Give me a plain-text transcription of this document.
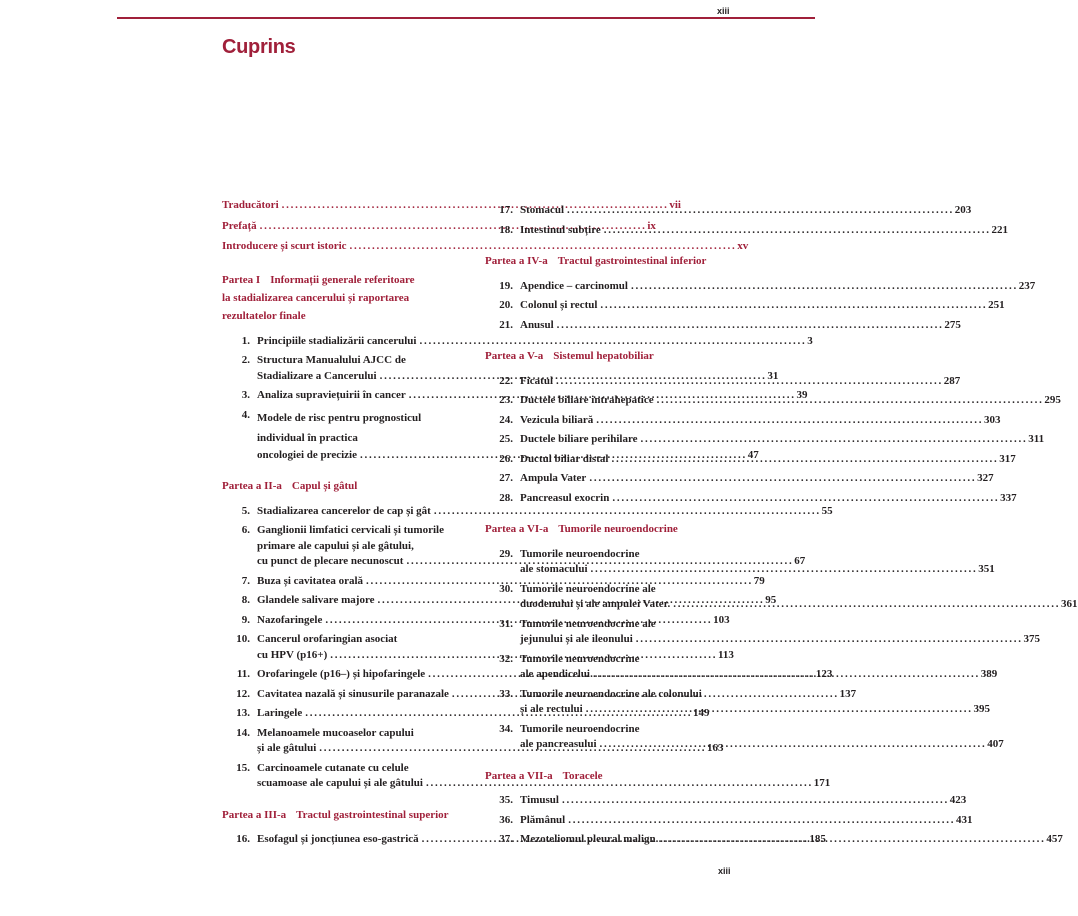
xiii
Cuprins
Traducători . . .	vii
Prefață . . .	ix
Introducere și scurt istoric . . .	xv
Partea I Informații generale referitoare
la stadializarea cancerului și raportarea
rezultatelor finale
1. Principiile stadializării cancerului . . .	3
2. Structura Manualului AJCC de
Stadializare a Cancerului . . .	31
3. Analiza supraviețuirii în cancer . . .	39
4. Modele de risc pentru prognosticul
individual în practica
oncologiei de precizie . . .	47
Partea a II-a Capul și gâtul
5. Stadializarea cancerelor de cap și gât . . .	55
6. Ganglionii limfatici cervicali și tumorile
primare ale capului și ale gâtului,
cu punct de plecare necunoscut . . .	67
7. Buza și cavitatea orală . . .	79
8. Glandele salivare majore . . .	95
9. Nazofaringele . . .	103
10. Cancerul orofaringian asociat
cu HPV (p16+) . . .	113
11. Orofaringele (p16–) și hipofaringele . . .	123
12. Cavitatea nazală și sinusurile paranazale . . .	137
13. Laringele . . .	149
14. Melanoamele mucoaselor capului
și ale gâtului . . .	163
15. Carcinoamele cutanate cu celule
scuamoase ale capului și ale gâtului . . .	171
Partea a III-a Tractul gastrointestinal superior
16. Esofagul și joncțiunea eso-gastrică . . .	185
17. Stomacul . . .	203
18. Intestinul subțire . . .	221
Partea a IV-a Tractul gastrointestinal inferior
19. Apendice – carcinomul . . .	237
20. Colonul și rectul . . .	251
21. Anusul . . .	275
Partea a V-a Sistemul hepatobiliar
22. Ficatul . . .	287
23. Ductele biliare intrahepatice . . .	295
24. Vezicula biliară . . .	303
25. Ductele biliare perihilare . . .	311
26. Ductul biliar distal . . .	317
27. Ampula Vater . . .	327
28. Pancreasul exocrin . . .	337
Partea a VI-a Tumorile neuroendocrine
29. Tumorile neuroendocrine
ale stomacului . . .	351
30. Tumorile neuroendocrine ale
duodenului și ale ampulei Vater. . . .	361
31. Tumorile neuroendocrine ale
jejunului și ale ileonului . . .	375
32. Tumorile neuroendocrine
ale apendicelui . . .	389
33. Tumorile neuroendocrine ale colonului
și ale rectului . . .	395
34. Tumorile neuroendocrine
ale pancreasului . . .	407
Partea a VII-a Toracele
35. Timusul . . .	423
36. Plămânul . . .	431
37. Mezoteliomul pleural malign . . .	457
xiii
